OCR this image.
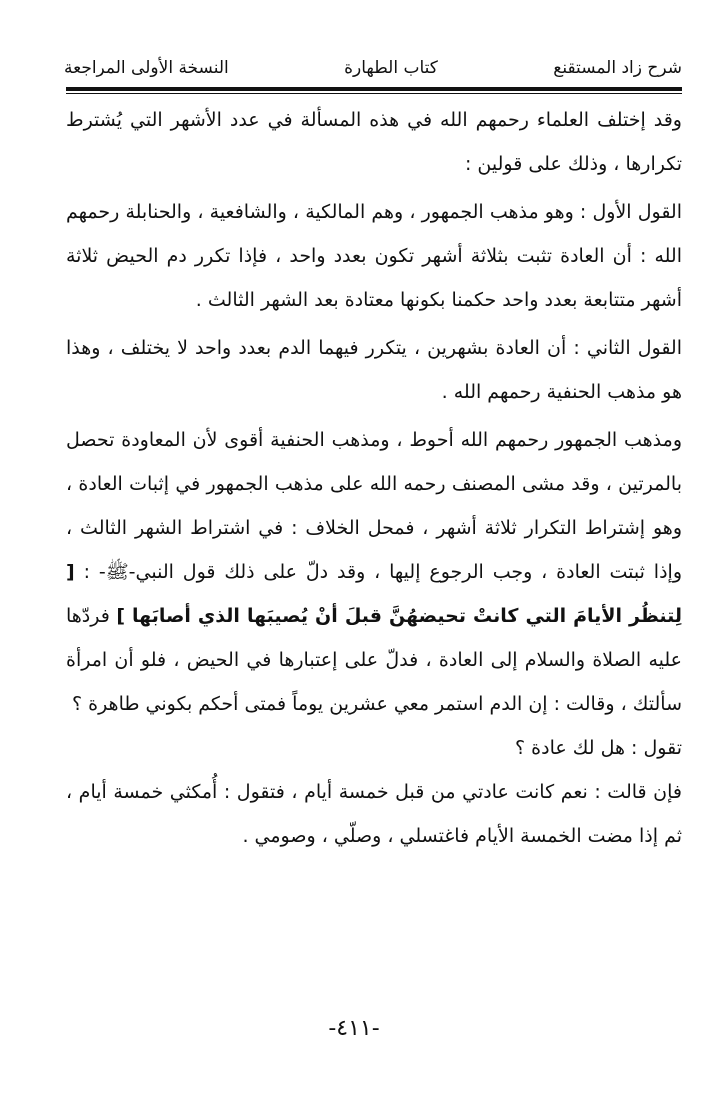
شرح زاد المستقنع
كتاب الطهارة
النسخة الأولى المراجعة

وقد إختلف العلماء رحمهم الله في هذه المسألة في عدد الأشهر التي يُشترط تكرارها ، وذلك على قولين :

القول الأول : وهو مذهب الجمهور ، وهم المالكية ، والشافعية ، والحنابلة رحمهم الله : أن العادة تثبت بثلاثة أشهر تكون بعدد واحد ، فإذا تكرر دم الحيض ثلاثة أشهر متتابعة بعدد واحد حكمنا بكونها معتادة بعد الشهر الثالث .

القول الثاني : أن العادة بشهرين ، يتكرر فيهما الدم بعدد واحد لا يختلف ، وهذا هو مذهب الحنفية رحمهم الله .

ومذهب الجمهور رحمهم الله أحوط ، ومذهب الحنفية أقوى لأن المعاودة تحصل بالمرتين ، وقد مشى المصنف رحمه الله على مذهب الجمهور في إثبات العادة ، وهو إشتراط التكرار ثلاثة أشهر ، فمحل الخلاف : في اشتراط الشهر الثالث ، وإذا ثبتت العادة ، وجب الرجوع إليها ، وقد دلّ على ذلك قول النبي-ﷺ- : [ لِتنظُر الأيامَ التي كانتْ تحيضهُنَّ قبلَ أنْ يُصيبَها الذي أصابَها ] فردّها عليه الصلاة والسلام إلى العادة ، فدلّ على إعتبارها في الحيض ، فلو أن امرأة سألتك ، وقالت : إن الدم استمر معي عشرين يوماً فمتى أحكم بكوني طاهرة ؟

تقول : هل لك عادة ؟

فإن قالت : نعم كانت عادتي من قبل خمسة أيام ، فتقول : أُمكثي خمسة أيام ، ثم إذا مضت الخمسة الأيام فاغتسلي ، وصلّي ، وصومي .

-٤١١-
